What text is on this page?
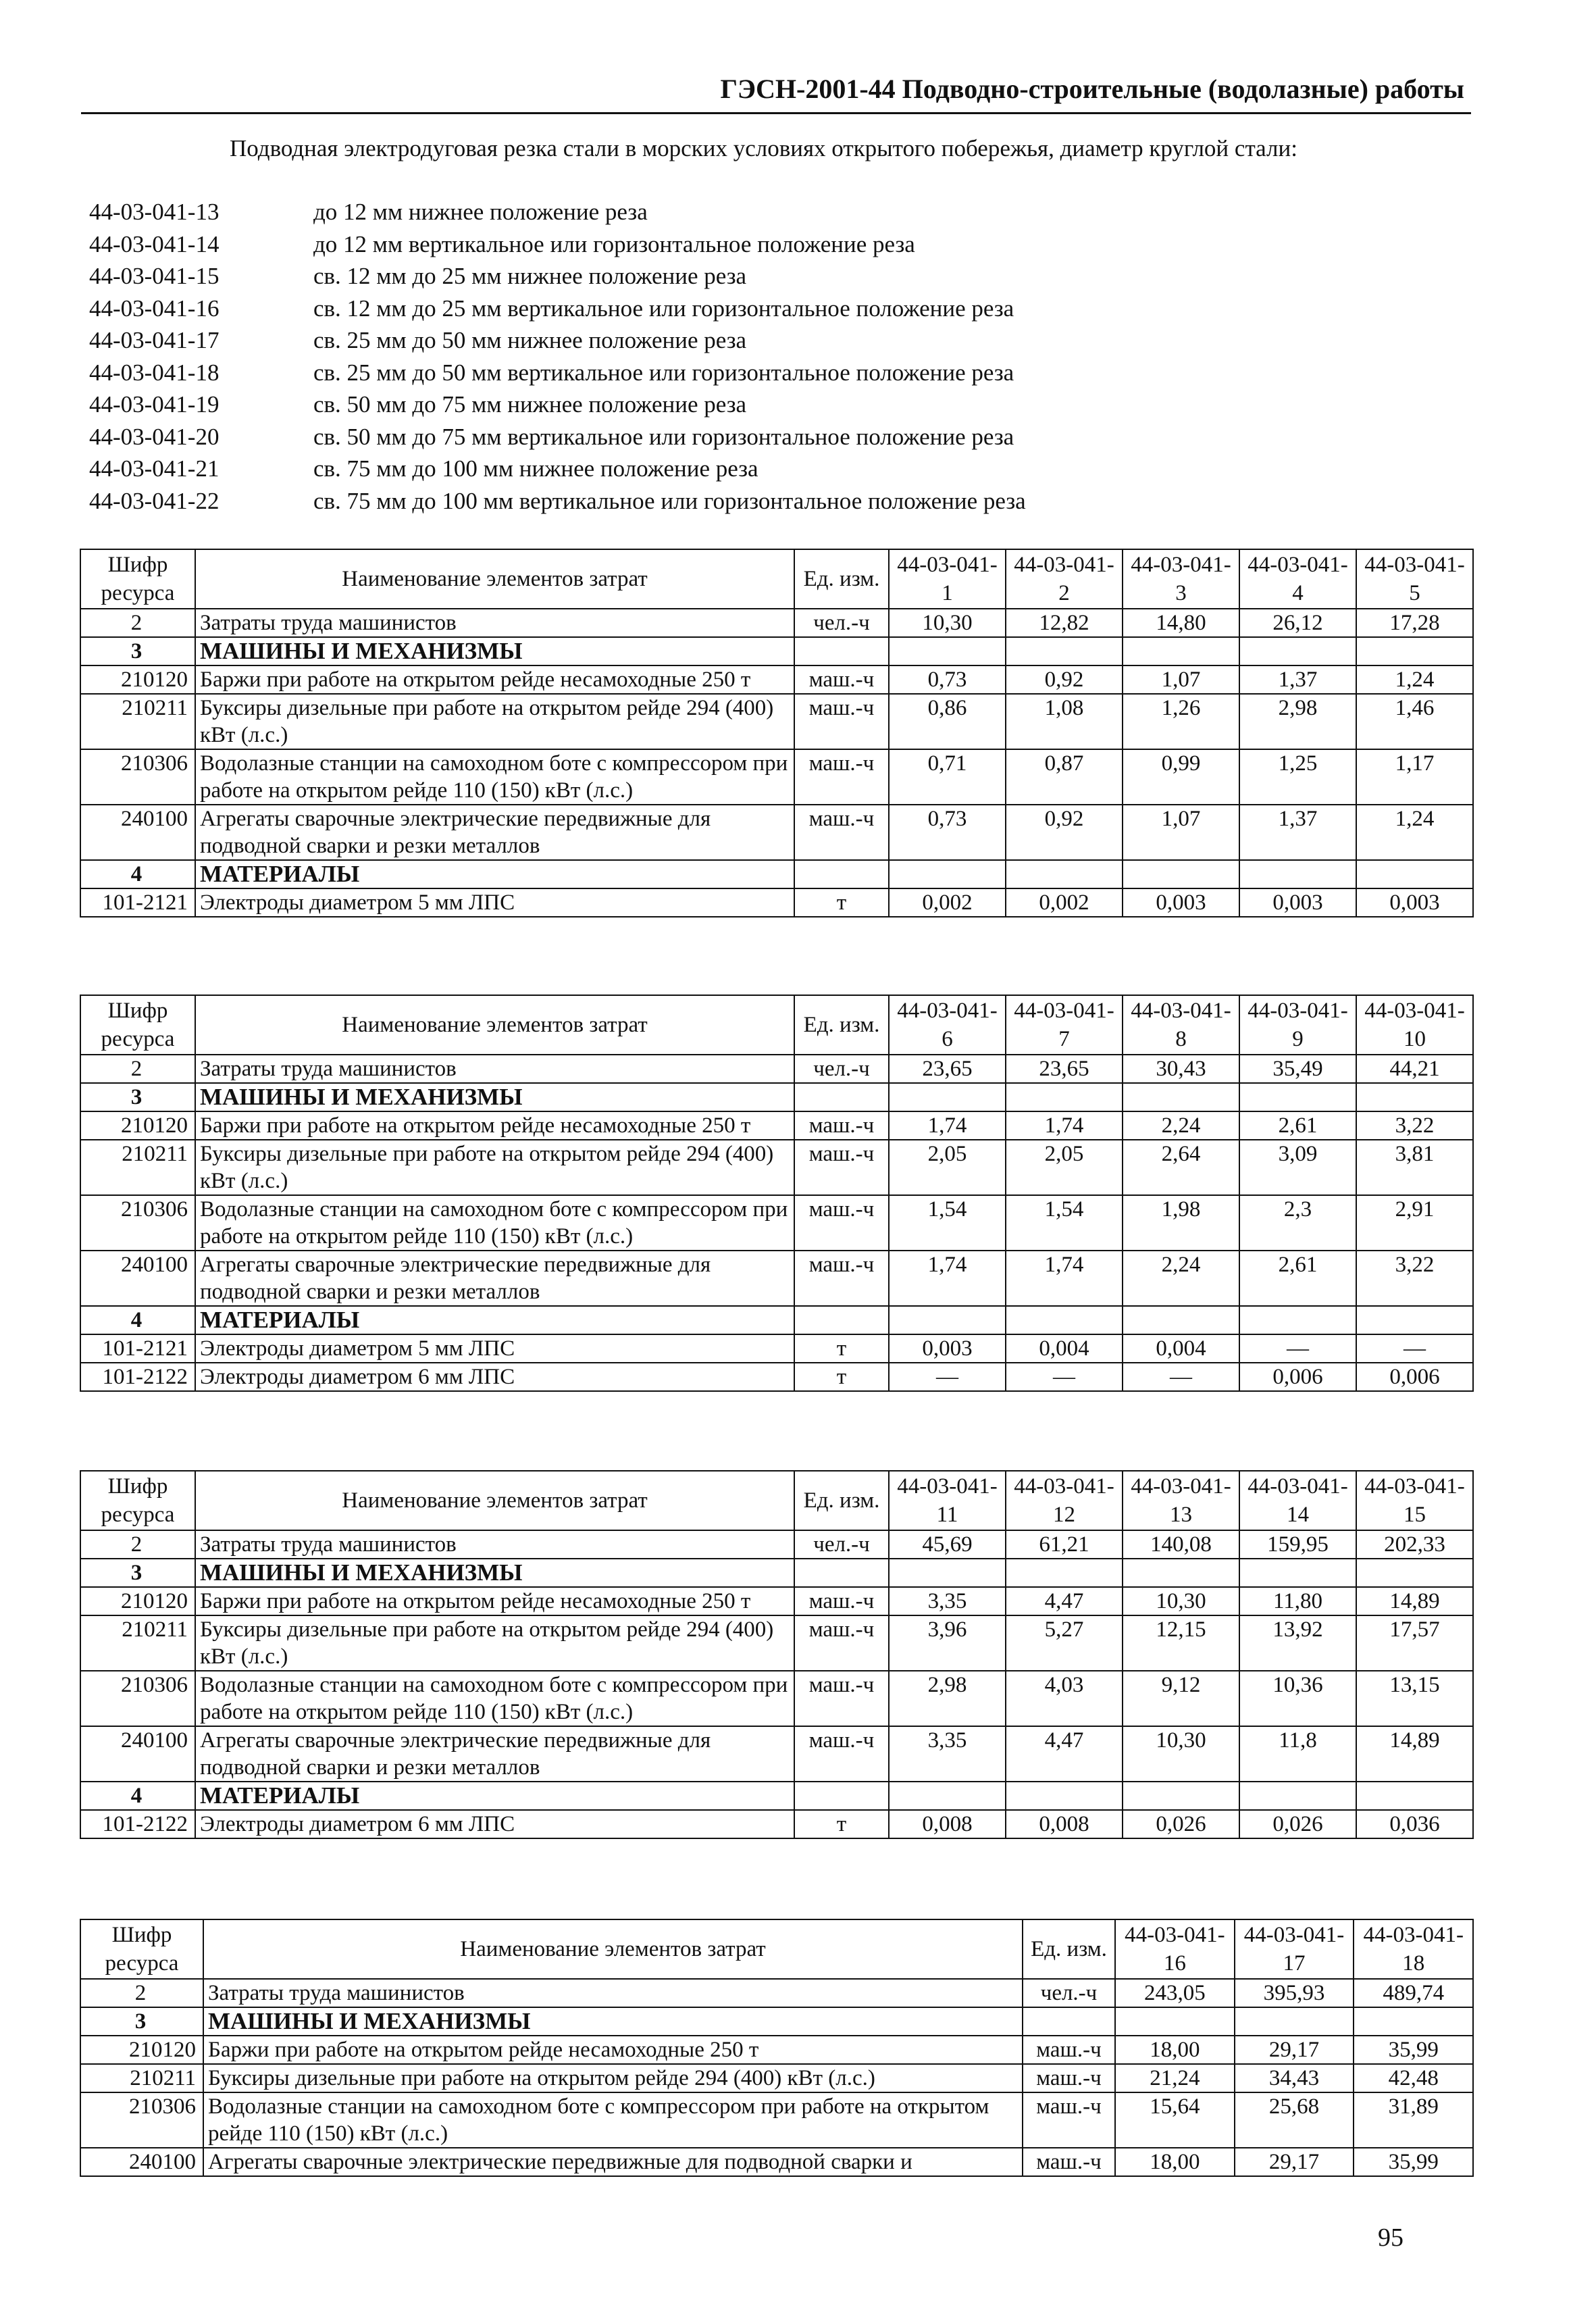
ГЭСН-2001-44 Подводно-строительные (водолазные) работы
Подводная электродуговая резка стали в морских условиях открытого побережья, диаметр круглой стали:
44-03-041-13	до 12 мм нижнее положение реза
44-03-041-14	до 12 мм вертикальное или горизонтальное положение реза
44-03-041-15	св. 12 мм до 25 мм нижнее положение реза
44-03-041-16	св. 12 мм до 25 мм вертикальное или горизонтальное положение реза
44-03-041-17	св. 25 мм до 50 мм нижнее положение реза
44-03-041-18	св. 25 мм до 50 мм вертикальное или горизонтальное положение реза
44-03-041-19	св. 50 мм до 75 мм нижнее положение реза
44-03-041-20	св. 50 мм до 75 мм вертикальное или горизонтальное положение реза
44-03-041-21	св. 75 мм до 100 мм нижнее положение реза
44-03-041-22	св. 75 мм до 100 мм вертикальное или горизонтальное положение реза
Шифр ресурса	Наименование элементов затрат	Ед. изм.	44-03-041-1	44-03-041-2	44-03-041-3	44-03-041-4	44-03-041-5
2	Затраты труда машинистов	чел.-ч	10,30	12,82	14,80	26,12	17,28
3	МАШИНЫ И МЕХАНИЗМЫ						
210120	Баржи при работе на открытом рейде несамоходные 250 т	маш.-ч	0,73	0,92	1,07	1,37	1,24
210211	Буксиры дизельные при работе на открытом рейде 294 (400) кВт (л.с.)	маш.-ч	0,86	1,08	1,26	2,98	1,46
210306	Водолазные станции на самоходном боте с компрессором при работе на открытом рейде 110 (150) кВт (л.с.)	маш.-ч	0,71	0,87	0,99	1,25	1,17
240100	Агрегаты сварочные электрические передвижные для подводной сварки и резки металлов	маш.-ч	0,73	0,92	1,07	1,37	1,24
4	МАТЕРИАЛЫ						
101-2121	Электроды диаметром 5 мм ЛПС	т	0,002	0,002	0,003	0,003	0,003
Шифр ресурса	Наименование элементов затрат	Ед. изм.	44-03-041-6	44-03-041-7	44-03-041-8	44-03-041-9	44-03-041-10
2	Затраты труда машинистов	чел.-ч	23,65	23,65	30,43	35,49	44,21
3	МАШИНЫ И МЕХАНИЗМЫ						
210120	Баржи при работе на открытом рейде несамоходные 250 т	маш.-ч	1,74	1,74	2,24	2,61	3,22
210211	Буксиры дизельные при работе на открытом рейде 294 (400) кВт (л.с.)	маш.-ч	2,05	2,05	2,64	3,09	3,81
210306	Водолазные станции на самоходном боте с компрессором при работе на открытом рейде 110 (150) кВт (л.с.)	маш.-ч	1,54	1,54	1,98	2,3	2,91
240100	Агрегаты сварочные электрические передвижные для подводной сварки и резки металлов	маш.-ч	1,74	1,74	2,24	2,61	3,22
4	МАТЕРИАЛЫ						
101-2121	Электроды диаметром 5 мм ЛПС	т	0,003	0,004	0,004	—	—
101-2122	Электроды диаметром 6 мм ЛПС	т	—	—	—	0,006	0,006
Шифр ресурса	Наименование элементов затрат	Ед. изм.	44-03-041-11	44-03-041-12	44-03-041-13	44-03-041-14	44-03-041-15
2	Затраты труда машинистов	чел.-ч	45,69	61,21	140,08	159,95	202,33
3	МАШИНЫ И МЕХАНИЗМЫ						
210120	Баржи при работе на открытом рейде несамоходные 250 т	маш.-ч	3,35	4,47	10,30	11,80	14,89
210211	Буксиры дизельные при работе на открытом рейде 294 (400) кВт (л.с.)	маш.-ч	3,96	5,27	12,15	13,92	17,57
210306	Водолазные станции на самоходном боте с компрессором при работе на открытом рейде 110 (150) кВт (л.с.)	маш.-ч	2,98	4,03	9,12	10,36	13,15
240100	Агрегаты сварочные электрические передвижные для подводной сварки и резки металлов	маш.-ч	3,35	4,47	10,30	11,8	14,89
4	МАТЕРИАЛЫ						
101-2122	Электроды диаметром 6 мм ЛПС	т	0,008	0,008	0,026	0,026	0,036
Шифр ресурса	Наименование элементов затрат	Ед. изм.	44-03-041-16	44-03-041-17	44-03-041-18
2	Затраты труда машинистов	чел.-ч	243,05	395,93	489,74
3	МАШИНЫ И МЕХАНИЗМЫ				
210120	Баржи при работе на открытом рейде несамоходные 250 т	маш.-ч	18,00	29,17	35,99
210211	Буксиры дизельные при работе на открытом рейде 294 (400) кВт (л.с.)	маш.-ч	21,24	34,43	42,48
210306	Водолазные станции на самоходном боте с компрессором при работе на открытом рейде 110 (150) кВт (л.с.)	маш.-ч	15,64	25,68	31,89
240100	Агрегаты сварочные электрические передвижные для подводной сварки и	маш.-ч	18,00	29,17	35,99
95
